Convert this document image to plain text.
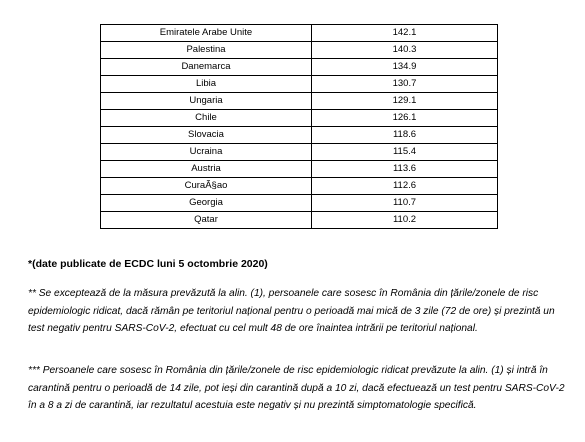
Emiratele Arabe Unite	142.1
Palestina	140.3
Danemarca	134.9
Libia	130.7
Ungaria	129.1
Chile	126.1
Slovacia	118.6
Ucraina	115.4
Austria	113.6
CuraÃ§ao	112.6
Georgia	110.7
Qatar	110.2

*(date publicate de ECDC luni 5 octombrie 2020)

** Se exceptează de la măsura prevăzută la alin. (1), persoanele care sosesc în România din țările/zonele de risc epidemiologic ridicat, dacă rămân pe teritoriul național pentru o perioadă mai mică de 3 zile (72 de ore) și prezintă un test negativ pentru SARS-CoV-2, efectuat cu cel mult 48 de ore înaintea intrării pe teritoriul național.

*** Persoanele care sosesc în România din țările/zonele de risc epidemiologic ridicat prevăzute la alin. (1) și intră în carantină pentru o perioadă de 14 zile, pot ieși din carantină după a 10 zi, dacă efectuează un test pentru SARS-CoV-2 în a 8 a zi de carantină, iar rezultatul acestuia este negativ și nu prezintă simptomatologie specifică.
